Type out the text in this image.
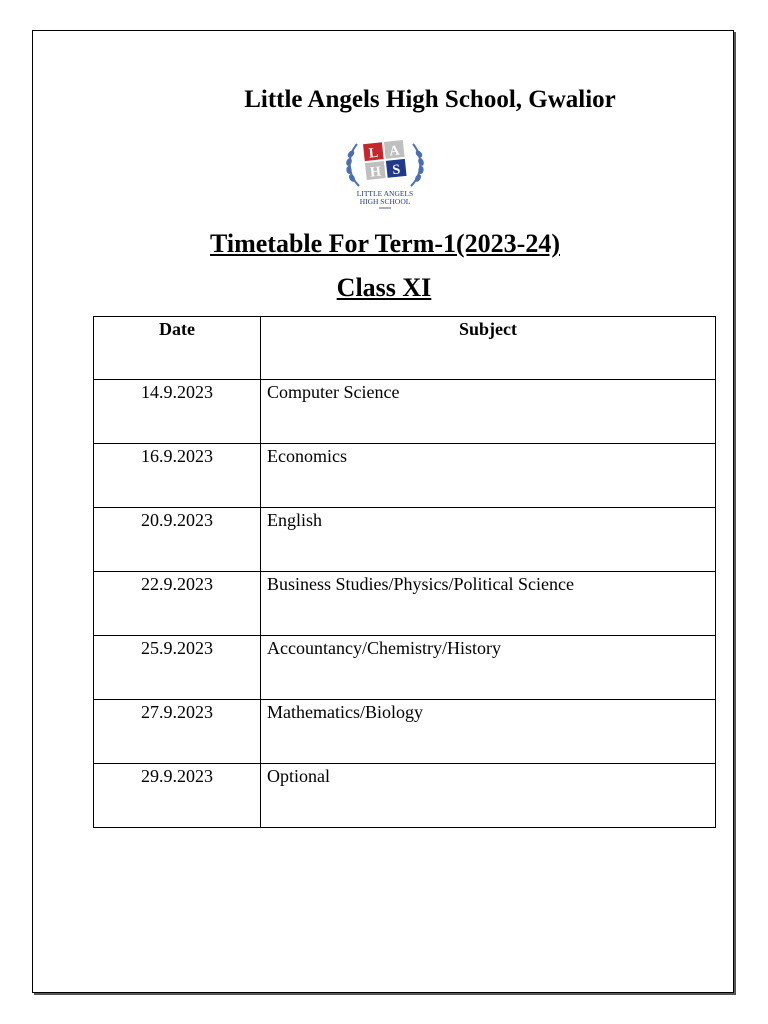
Little Angels High School, Gwalior
L A
H S
LITTLE ANGELS
HIGH SCHOOL
Timetable For Term-1(2023-24)
Class XI
Date	Subject
14.9.2023	Computer Science
16.9.2023	Economics
20.9.2023	English
22.9.2023	Business Studies/Physics/Political Science
25.9.2023	Accountancy/Chemistry/History
27.9.2023	Mathematics/Biology
29.9.2023	Optional
